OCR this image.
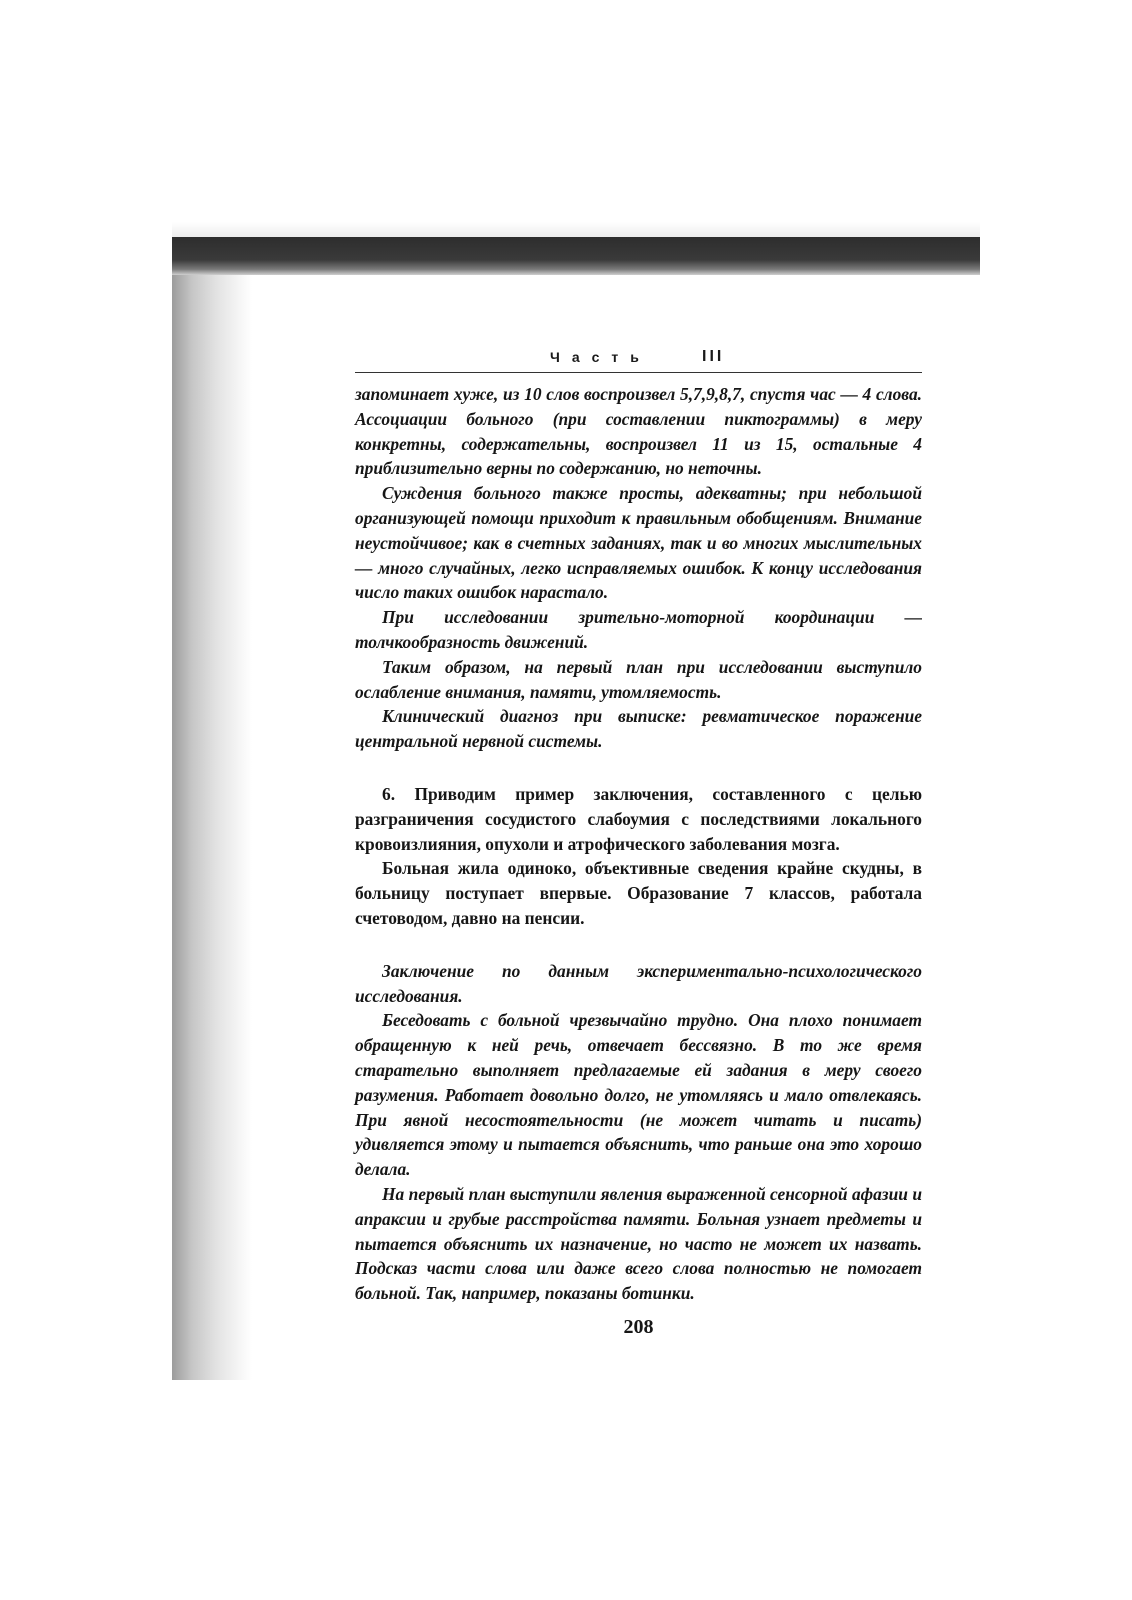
Часть	III

запоминает хуже, из 10 слов воспроизвел 5,7,9,8,7, спустя час — 4 слова. Ассоциации больного (при составлении пиктограммы) в меру конкретны, содержательны, воспроизвел 11 из 15, остальные 4 приблизительно верны по содержанию, но неточны.

Суждения больного также просты, адекватны; при небольшой организующей помощи приходит к правильным обобщениям. Внимание неустойчивое; как в счетных заданиях, так и во многих мыслительных — много случайных, легко исправляемых ошибок. К концу исследования число таких ошибок нарастало.

При исследовании зрительно-моторной координации — толчкообразность движений.

Таким образом, на первый план при исследовании выступило ослабление внимания, памяти, утомляемость.

Клинический диагноз при выписке: ревматическое поражение центральной нервной системы.

6. Приводим пример заключения, составленного с целью разграничения сосудистого слабоумия с последствиями локального кровоизлияния, опухоли и атрофического заболевания мозга.

Больная жила одиноко, объективные сведения крайне скудны, в больницу поступает впервые. Образование 7 классов, работала счетоводом, давно на пенсии.

Заключение по данным экспериментально-психологического исследования.

Беседовать с больной чрезвычайно трудно. Она плохо понимает обращенную к ней речь, отвечает бессвязно. В то же время старательно выполняет предлагаемые ей задания в меру своего разумения. Работает довольно долго, не утомляясь и мало отвлекаясь. При явной несостоятельности (не может читать и писать) удивляется этому и пытается объяснить, что раньше она это хорошо делала.

На первый план выступили явления выраженной сенсорной афазии и апраксии и грубые расстройства памяти. Больная узнает предметы и пытается объяснить их назначение, но часто не может их назвать. Подсказ части слова или даже всего слова полностью не помогает больной. Так, например, показаны ботинки.

208
